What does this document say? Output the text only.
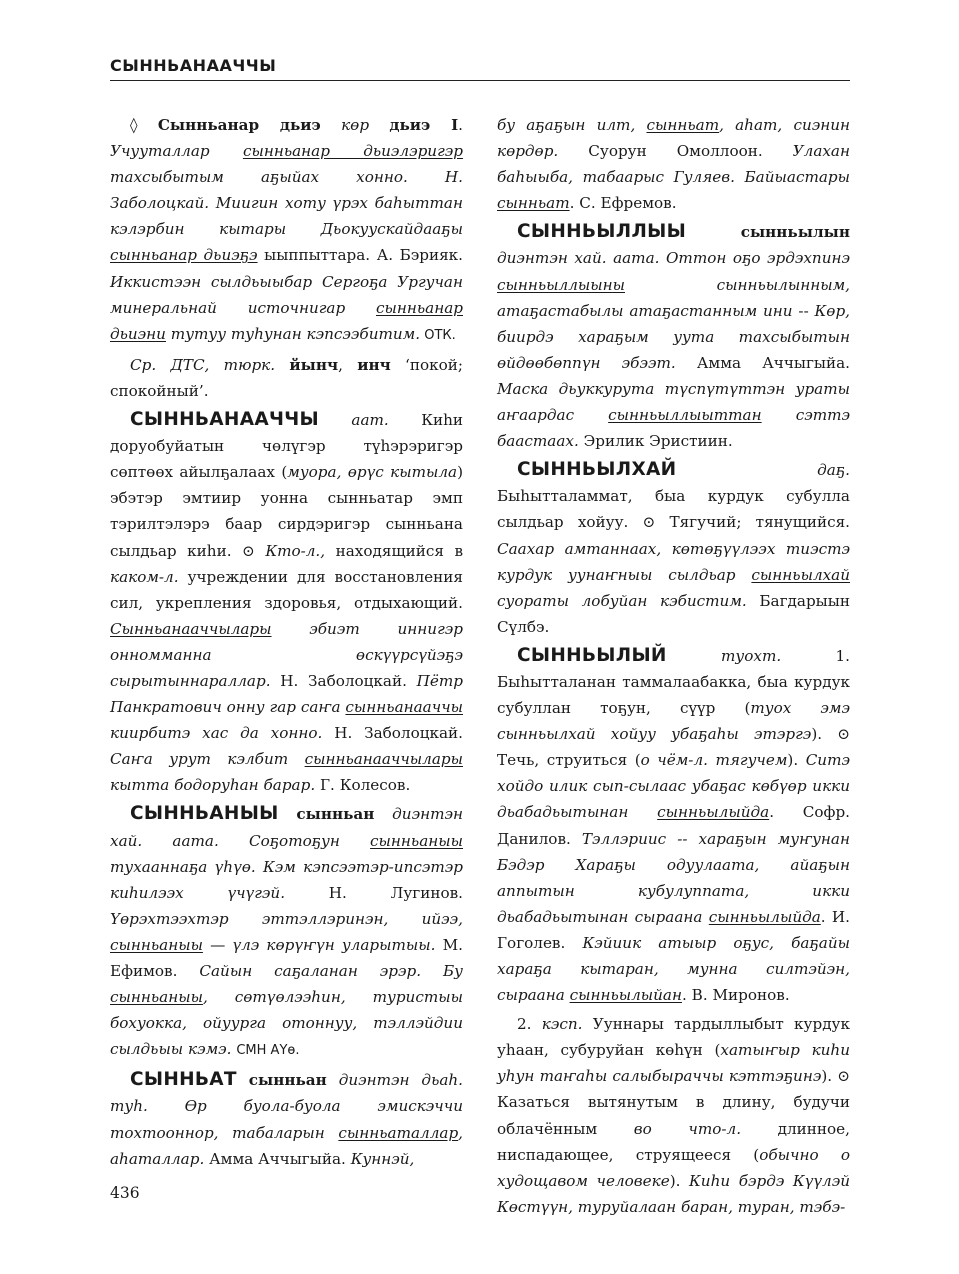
СЫННЬАНААЧЧЫ

◊ Сынньанар дьиэ көр дьиэ I. Учууталлар сынньанар дьиэлэригэр тахсыбытым аҕыйах хонно. Н. Заболоцкай. Миигин хоту үрэх баһыттан кэлэрбин кытары Дьокуускайдааҕы сынньанар дьиэҕэ ыыппыттара. А. Бэрияк. Иккистээн сылдьыыбар Сергоҕа Ургучан минеральнай источнигар сынньанар дьиэни тутуу туһунан кэпсээбитим. ОТК.

Ср. ДТС, тюрк. йынч, инч ‘покой; спокойный’.

СЫННЬАНААЧЧЫ аат. Киһи доруобуйатын чөлүгэр түһэрэригэр сөптөөх айылҕалаах (муора, өрүс кытыла) эбэтэр эмтиир уонна сынньатар эмп тэрилтэлэрэ баар сирдэригэр сынньана сылдьар киһи. ⊙ Кто-л., находящийся в каком-л. учреждении для восстановления сил, укрепления здоровья, отдыхающий. Сынньанааччылары эбиэт иннигэр онномманна өскүүрсүйэҕэ сырытыннараллар. Н. Заболоцкай. Пётр Панкратович онну гар саҥа сынньанааччы киирбитэ хас да хонно. Н. Заболоцкай. Саҥа урут кэлбит сынньанааччылары кытта бодоруһан барар. Г. Колесов.

СЫННЬАНЫЫ сынньан диэнтэн хай. аата. Соҕотоҕун сынньаныы тухааннаҕа үһүө. Кэм кэпсээтэр-ипсэтэр киһилээх үчүгэй. Н. Лугинов. Үөрэхтээхтэр эттэллэринэн, ийээ, сынньаныы — үлэ көрүҥүн уларытыы. М. Ефимов. Сайын саҕаланан эрэр. Бу сынньаныы, сөтүөлээһин, туристыы бохуокка, ойуурга отоннуу, тэллэйдии сылдьыы кэмэ. СМН АҮө.

СЫННЬАТ сынньан диэнтэн дьаһ. туһ. Өр буола-буола эмискэччи тохтооннор, табаларын сынньаталлар, аһаталлар. Амма Аччыгыйа. Куннэй,

бу аҕаҕын илт, сынньат, аһат, сиэнин көрдөр. Суорун Омоллоон. Улахан баһыыба, табаарыс Гуляев. Байыастары сынньат. С. Ефремов.

СЫННЬЫЛЛЫЫ	сынньылын диэнтэн хай. аата. Оттон оҕо эрдэхпинэ сынньыллыыны сынньылынным, атаҕастабылы атаҕастанным ини -- Көр, биирдэ хараҕым уута тахсыбытын өйдөөбөппүн эбээт. Амма Аччыгыйа. Маска дьуккурута түспүтүттэн ураты аҥаардас сынньыллыыттан сэттэ баастаах. Эрилик Эристиин.

СЫННЬЫЛХАЙ	даҕ. Быһытталаммат, быа курдук субулла сылдьар хойуу. ⊙ Тягучий; тянущийся. Саахар амтаннаах, көтөҕүүлээх тиэстэ курдук уунаҥныы сылдьар сынньылхай суораты лобуйан кэбистим. Багдарыын Сүлбэ.

СЫННЬЫЛЫЙ	туохт. 1. Быһытталанан таммалаабакка, быа курдук субуллан тоҕун, сүүр (туох эмэ сынньылхай хойуу убаҕаһы этэргэ). ⊙ Течь, струиться (о чём-л. тягучем). Ситэ хойдо илик сып-сылаас убаҕас көбүөр икки дьабадьытынан сынньылыйда. Софр. Данилов. Тэллэриис -- хараҕын муҥунан Бэдэр Хараҕы одуулаата, айаҕын аппытын кубулуппата, икки дьабадьытынан сыраана сынньылыйда. И. Гоголев. Кэйиик атыыр оҕус, баҕайы хараҕа кытаран, мунна силтэйэн, сыраана сынньылыйан. В. Миронов.

2. кэсп. Ууннары тардыллыбыт курдук уһаан, субуруйан көһүн (хатыҥыр киһи уһун таҥаһы салыбыраччы кэттэҕинэ). ⊙ Казаться вытянутым в длину, будучи облачённым во что-л. длинное, ниспадающее, струящееся (обычно о худощавом человеке). Киһи бэрдэ Күүлэй Көстүүн, туруйалаан баран, туран, тэбэ-

436
